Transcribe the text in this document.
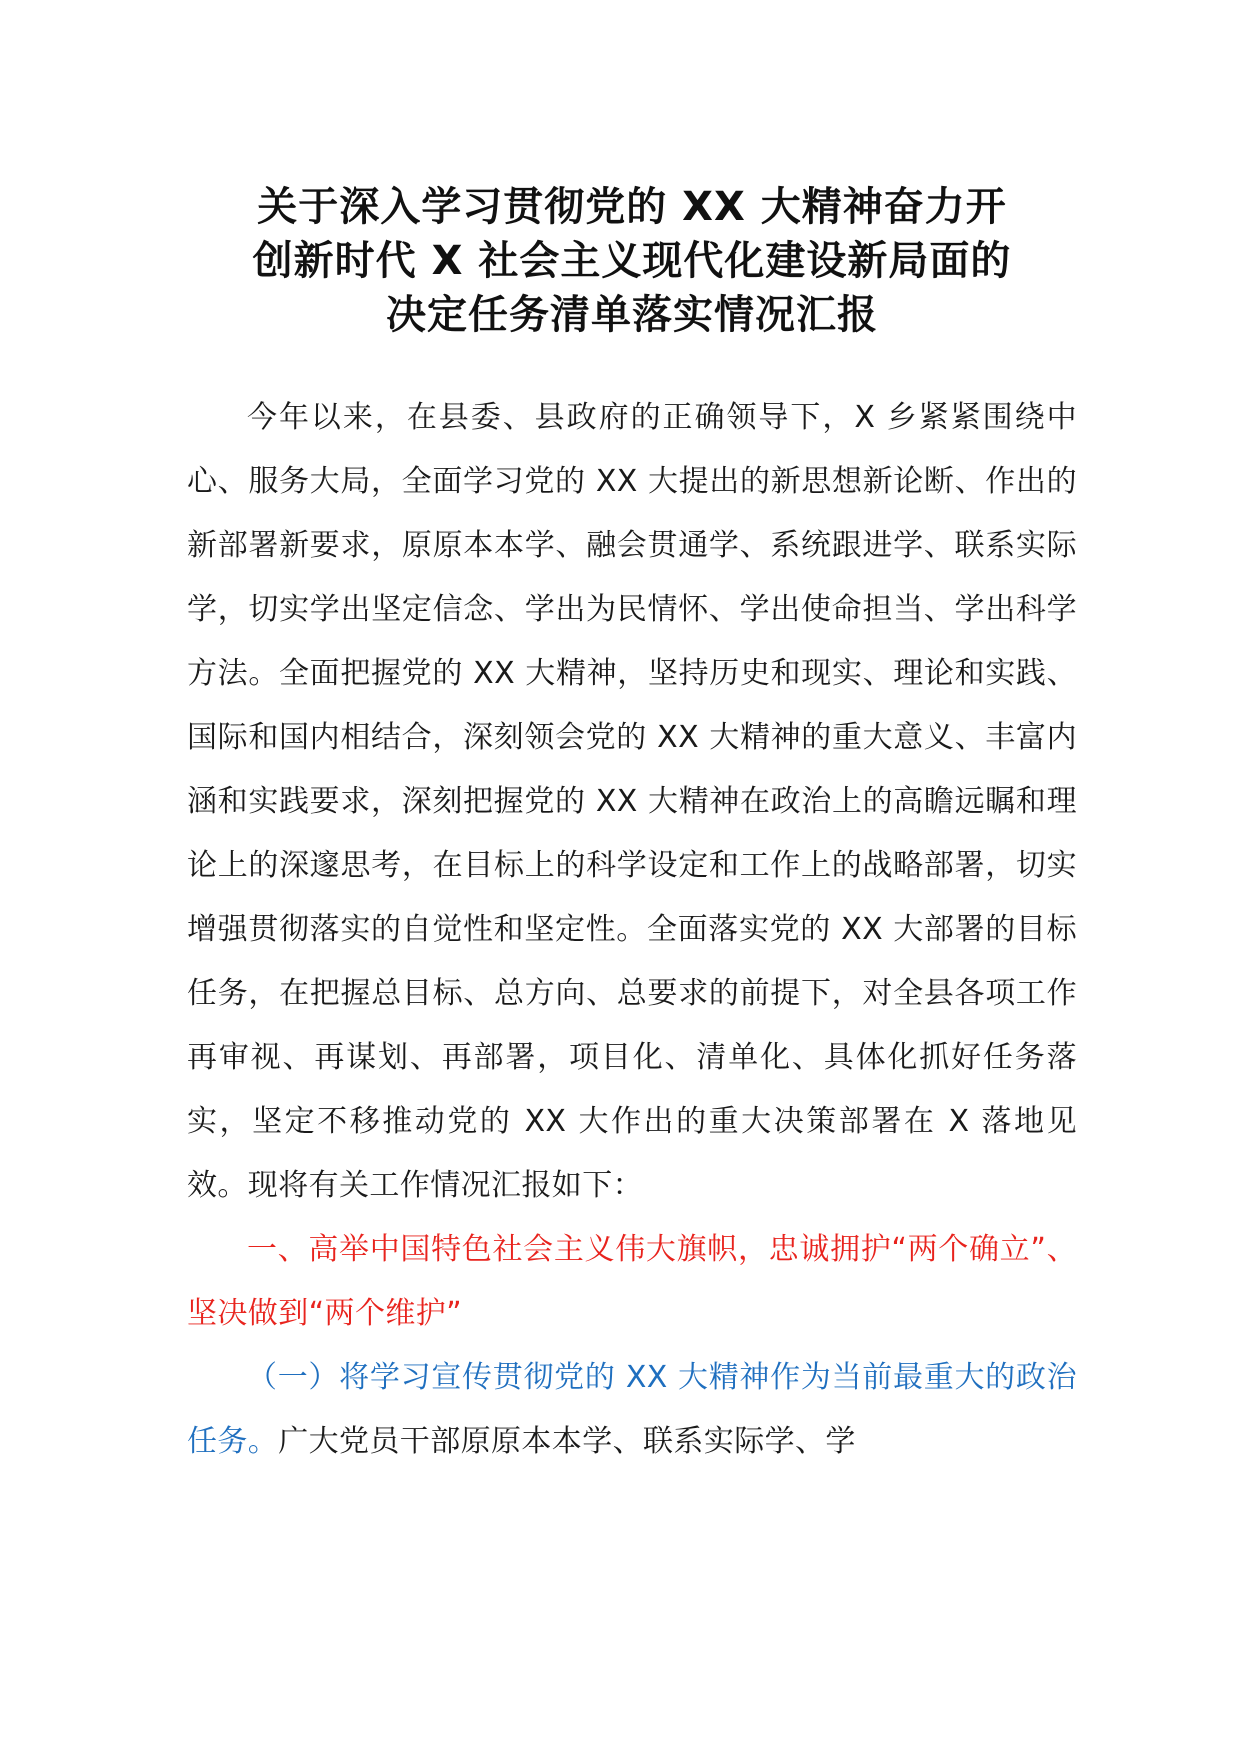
关于深入学习贯彻党的 XX 大精神奋力开
创新时代 X 社会主义现代化建设新局面的
决定任务清单落实情况汇报

今年以来，在县委、县政府的正确领导下，X 乡紧紧围绕中心、服务大局，全面学习党的 XX 大提出的新思想新论断、作出的新部署新要求，原原本本学、融会贯通学、系统跟进学、联系实际学，切实学出坚定信念、学出为民情怀、学出使命担当、学出科学方法。全面把握党的 XX 大精神，坚持历史和现实、理论和实践、国际和国内相结合，深刻领会党的 XX 大精神的重大意义、丰富内涵和实践要求，深刻把握党的 XX 大精神在政治上的高瞻远瞩和理论上的深邃思考，在目标上的科学设定和工作上的战略部署，切实增强贯彻落实的自觉性和坚定性。全面落实党的 XX 大部署的目标任务，在把握总目标、总方向、总要求的前提下，对全县各项工作再审视、再谋划、再部署，项目化、清单化、具体化抓好任务落实，坚定不移推动党的 XX 大作出的重大决策部署在 X 落地见效。现将有关工作情况汇报如下：

一、高举中国特色社会主义伟大旗帜，忠诚拥护“两个确立”、坚决做到“两个维护”

（一）将学习宣传贯彻党的 XX 大精神作为当前最重大的政治任务。广大党员干部原原本本学、联系实际学、学
